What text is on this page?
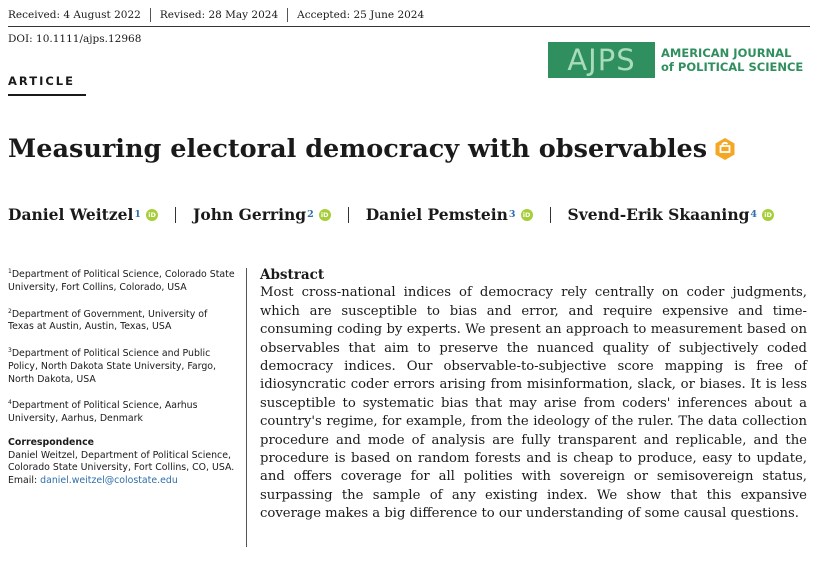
Received: 4 August 2022 Revised: 28 May 2024 Accepted: 25 June 2024
DOI: 10.1111/ajps.12968
AJPS	AMERICAN JOURNAL
of POLITICAL SCIENCE
ARTICLE
Measuring electoral democracy with observables
Daniel Weitzel 1	iD John Gerring 2	iD Daniel Pemstein 3	iD Svend-Erik Skaaning 4	iD
$^1$Department of Political Science, Colorado State University, Fort Collins, Colorado, USA
$^2$Department of Government, University of Texas at Austin, Austin, Texas, USA
$^3$Department of Political Science and Public Policy, North Dakota State University, Fargo, North Dakota, USA
$^4$Department of Political Science, Aarhus University, Aarhus, Denmark
Correspondence
Daniel Weitzel, Department of Political Science, Colorado State University, Fort Collins, CO, USA.
Email: daniel.weitzel@colostate.edu
Abstract
Most cross-national indices of democracy rely centrally on coder judgments, which are susceptible to bias and error, and require expensive and time-consuming coding by experts. We present an approach to measurement based on observables that aim to preserve the nuanced quality of subjectively coded democracy indices. Our observable-to-subjective score mapping is free of idiosyncratic coder errors arising from misinformation, slack, or biases. It is less susceptible to systematic bias that may arise from coders' inferences about a country's regime, for example, from the ideology of the ruler. The data collection procedure and mode of analysis are fully transparent and replicable, and the procedure is based on random forests and is cheap to produce, easy to update, and offers coverage for all polities with sovereign or semisovereign status, surpassing the sample of any existing index. We show that this expansive coverage makes a big difference to our understanding of some causal questions.
